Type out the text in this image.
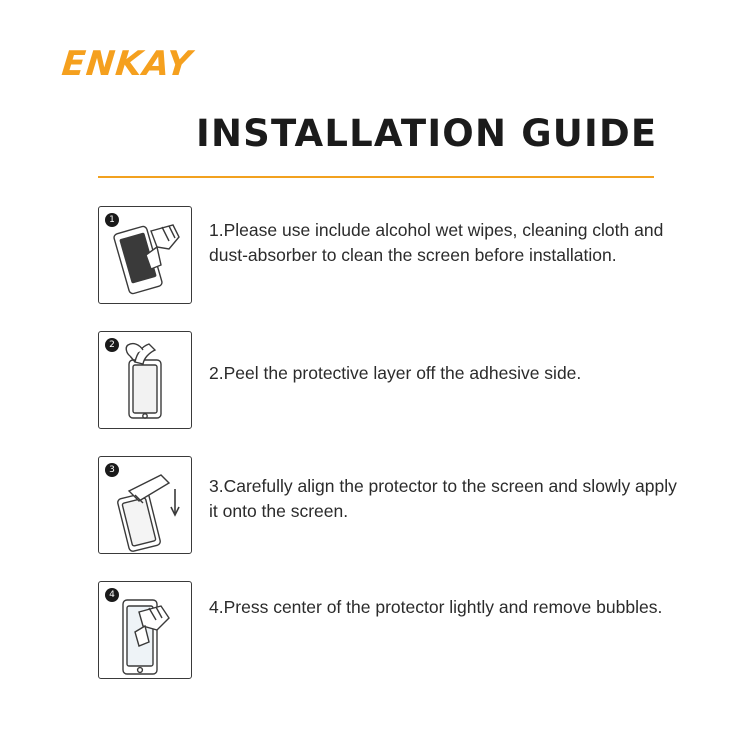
ENKAY
INSTALLATION GUIDE
1	1.Please use include alcohol wet wipes, cleaning cloth and dust-absorber to clean the screen before installation.
2
2.Peel the protective layer off the adhesive side.
3
3.Carefully align the protector to the screen and slowly apply it onto the screen.
4
4.Press center of the protector lightly and remove bubbles.
